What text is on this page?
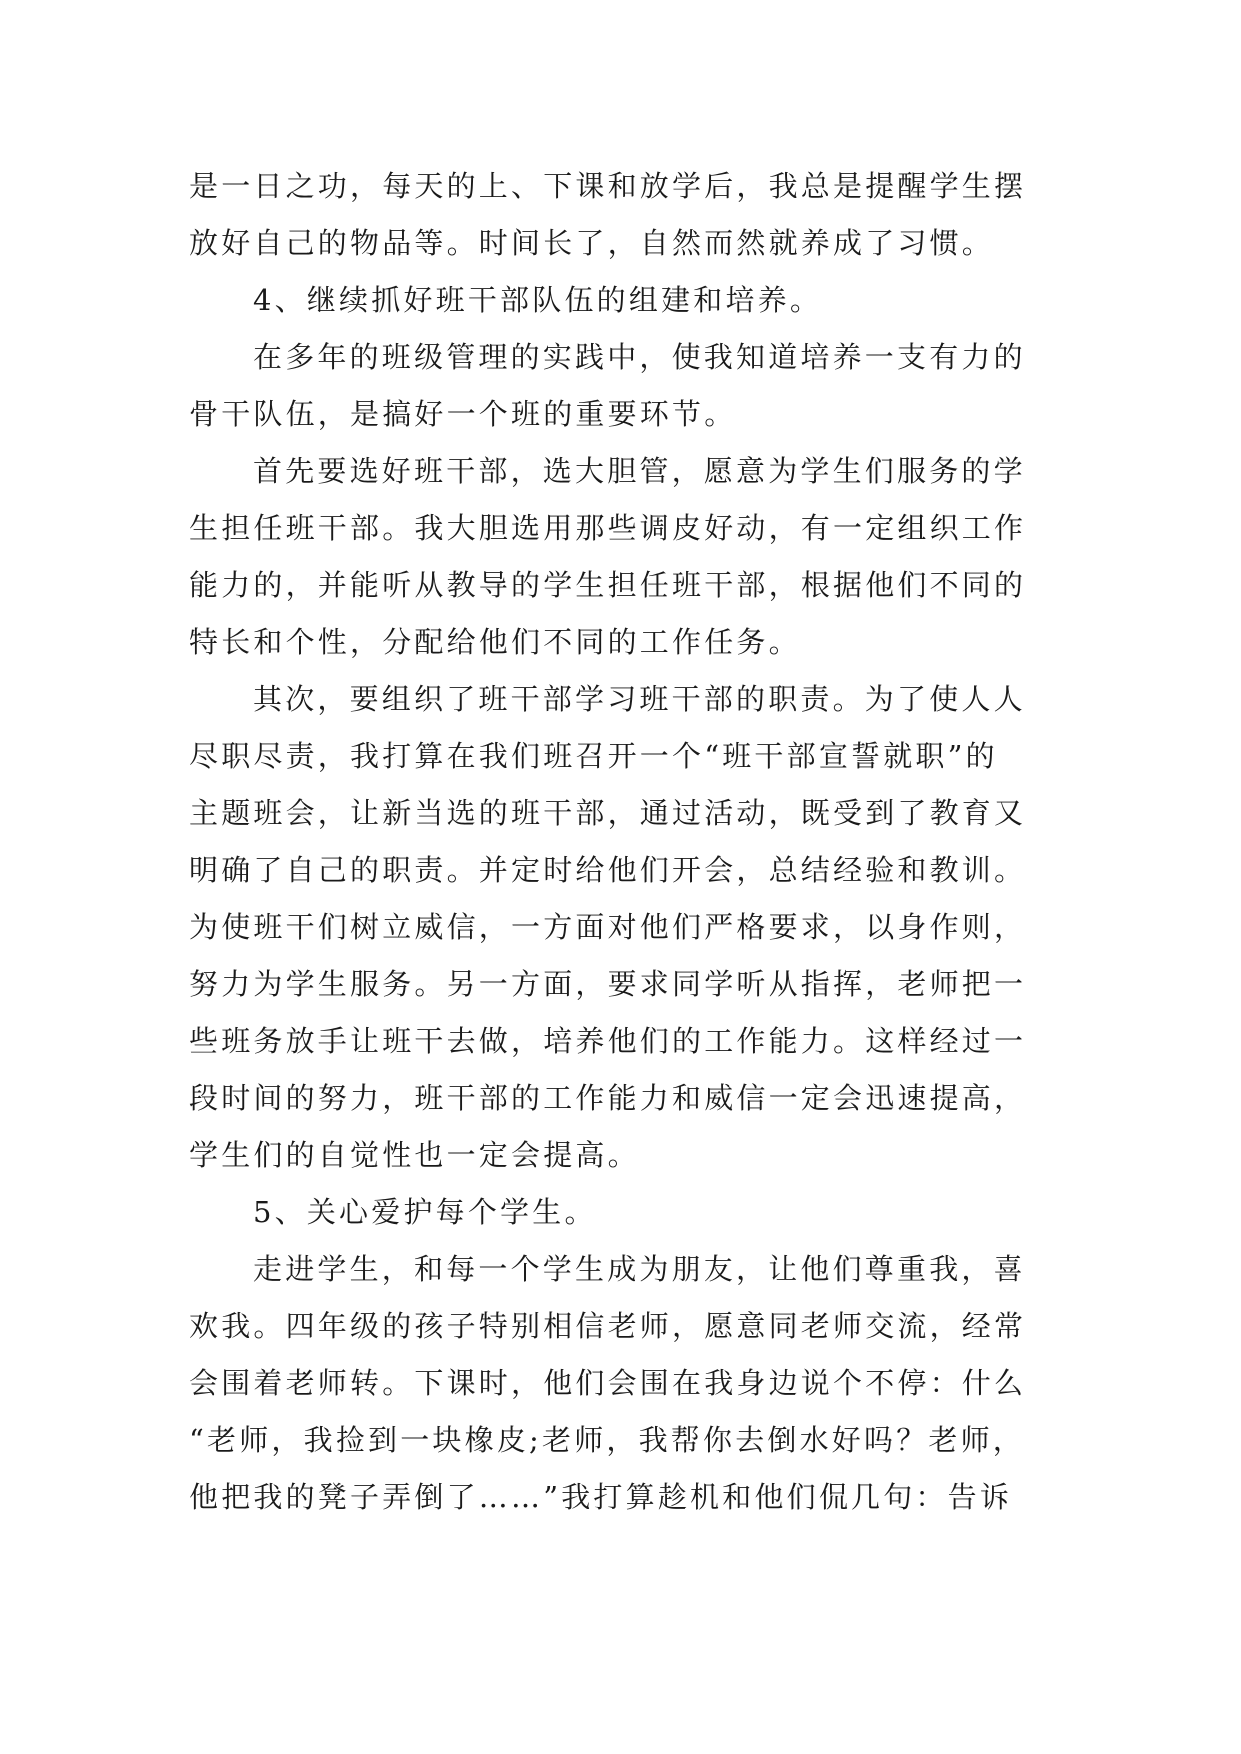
是一日之功，每天的上、下课和放学后，我总是提醒学生摆
放好自己的物品等。时间长了，自然而然就养成了习惯。
4、继续抓好班干部队伍的组建和培养。
在多年的班级管理的实践中，使我知道培养一支有力的
骨干队伍，是搞好一个班的重要环节。
首先要选好班干部，选大胆管，愿意为学生们服务的学
生担任班干部。我大胆选用那些调皮好动，有一定组织工作
能力的，并能听从教导的学生担任班干部，根据他们不同的
特长和个性，分配给他们不同的工作任务。
其次，要组织了班干部学习班干部的职责。为了使人人
尽职尽责，我打算在我们班召开一个“班干部宣誓就职”的
主题班会，让新当选的班干部，通过活动，既受到了教育又
明确了自己的职责。并定时给他们开会，总结经验和教训。
为使班干们树立威信，一方面对他们严格要求，以身作则，
努力为学生服务。另一方面，要求同学听从指挥，老师把一
些班务放手让班干去做，培养他们的工作能力。这样经过一
段时间的努力，班干部的工作能力和威信一定会迅速提高，
学生们的自觉性也一定会提高。
5、关心爱护每个学生。
走进学生，和每一个学生成为朋友，让他们尊重我，喜
欢我。四年级的孩子特别相信老师，愿意同老师交流，经常
会围着老师转。下课时，他们会围在我身边说个不停：什么
“老师，我捡到一块橡皮;老师，我帮你去倒水好吗？老师，
他把我的凳子弄倒了……”我打算趁机和他们侃几句：告诉
